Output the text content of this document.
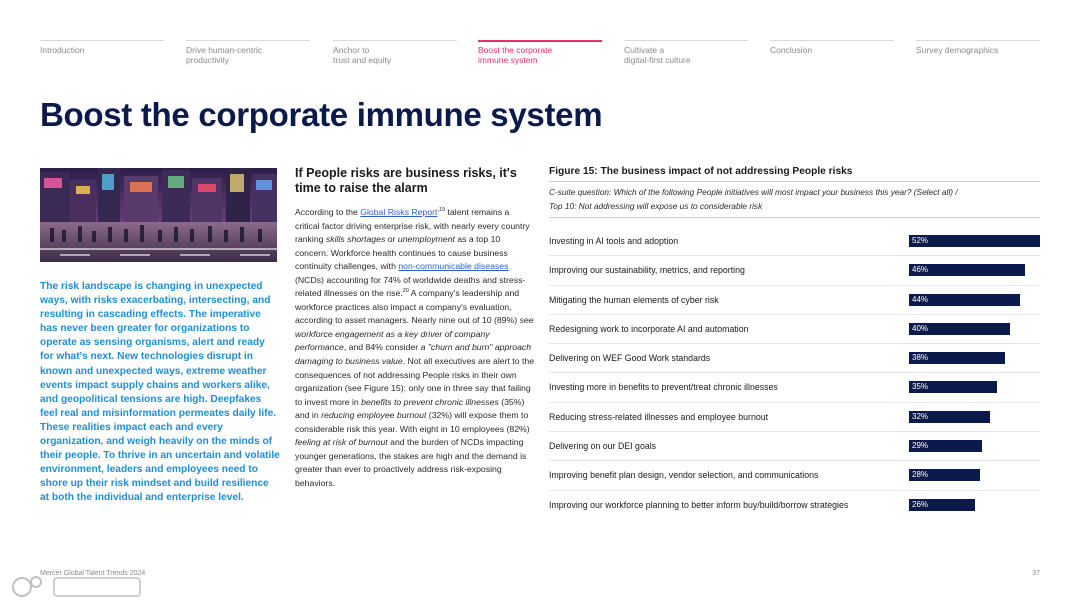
Introduction	Drive human-centric
productivity
Anchor to
trust and equity
Boost the corporate
immune system
Cultivate a
digital-first culture
Conclusion	Survey demographics
Boost the corporate immune system
The risk landscape is changing in unexpected ways, with risks exacerbating, intersecting, and resulting in cascading effects. The imperative has never been greater for organizations to operate as sensing organisms, alert and ready for what's next. New technologies disrupt in known and unexpected ways, extreme weather events impact supply chains and workers alike, and geopolitical tensions are high. Deepfakes feel real and misinformation permeates daily life. These realities impact each and every organization, and weigh heavily on the minds of their people. To thrive in an uncertain and volatile environment, leaders and employees need to shore up their risk mindset and build resilience at both the individual and enterprise level.
If People risks are business risks, it's time to raise the alarm
According to the Global Risks Report$^{,19}$ talent remains a critical factor driving enterprise risk, with nearly every country ranking skills shortages or unemployment as a top 10 concern. Workforce health continues to cause business continuity challenges, with non-communicable diseases (NCDs) accounting for 74% of worldwide deaths and stress-related illnesses on the rise.$^{20}$ A company's leadership and workforce practices also impact a company's evaluation, according to asset managers. Nearly nine out of 10 (89%) see workforce engagement as a key driver of company performance, and 84% consider a "churn and burn" approach damaging to business value. Not all executives are alert to the consequences of not addressing People risks in their own organization (see Figure 15): only one in three say that failing to invest more in benefits to prevent chronic illnesses (35%) and in reducing employee burnout (32%) will expose them to considerable risk this year. With eight in 10 employees (82%) feeling at risk of burnout and the burden of NCDs impacting younger generations, the stakes are high and the demand is greater than ever to proactively address risk-exposing behaviors.
Figure 15: The business impact of not addressing People risks
C-suite question: Which of the following People initiatives will most impact your business this year? (Select all) /
Top 10: Not addressing will expose us to considerable risk
Investing in AI tools and adoption	52%
Improving our sustainability, metrics, and reporting	46%
Mitigating the human elements of cyber risk	44%
Redesigning work to incorporate AI and automation	40%
Delivering on WEF Good Work standards	38%
Investing more in benefits to prevent/treat chronic illnesses	35%
Reducing stress-related illnesses and employee burnout	32%
Delivering on our DEI goals	29%
Improving benefit plan design, vendor selection, and communications	28%
Improving our workforce planning to better inform buy/build/borrow strategies	26%
Mercer Global Talent Trends 2024	37
